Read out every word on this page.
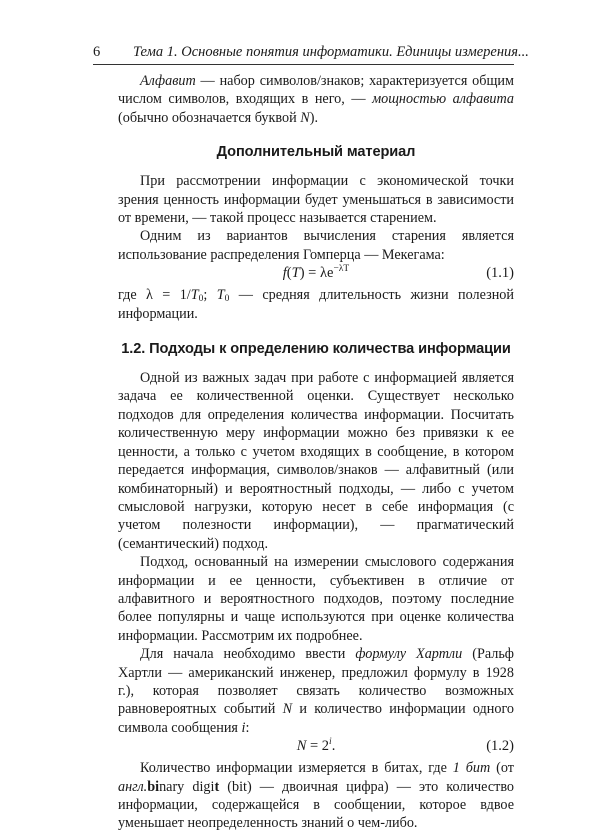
6 Тема 1. Основные понятия информатики. Единицы измерения...

Алфавит — набор символов/знаков; характеризуется общим числом символов, входящих в него, — мощностью алфавита (обычно обозначается буквой N).

Дополнительный материал

При рассмотрении информации с экономической точки зрения ценность информации будет уменьшаться в зависимости от времени, — такой процесс называется старением.

Одним из вариантов вычисления старения является использование распределения Гомперца — Мекегама:

$f(T) = \lambda e^{-\lambda T}$	(1.1)

где $\lambda = 1/T_0$; $T_0$ — средняя длительность жизни полезной информации.

1.2. Подходы к определению количества информации

Одной из важных задач при работе с информацией является задача ее количественной оценки. Существует несколько подходов для определения количества информации. Посчитать количественную меру информации можно без привязки к ее ценности, а только с учетом входящих в сообщение, в котором передается информация, символов/знаков — алфавитный (или комбинаторный) и вероятностный подходы, — либо с учетом смысловой нагрузки, которую несет в себе информация (с учетом полезности информации), — прагматический (семантический) подход.

Подход, основанный на измерении смыслового содержания информации и ее ценности, субъективен в отличие от алфавитного и вероятностного подходов, поэтому последние более популярны и чаще используются при оценке количества информации. Рассмотрим их подробнее.

Для начала необходимо ввести формулу Хартли (Ральф Хартли — американский инженер, предложил формулу в 1928 г.), которая позволяет связать количество возможных равновероятных событий N и количество информации одного символа сообщения i:

$N = 2^i$.	(1.2)

Количество информации измеряется в битах, где 1 бит (от англ.binary digit (bit) — двоичная цифра) — это количество информации, содержащейся в сообщении, которое вдвое уменьшает неопределенность знаний о чем-либо.
